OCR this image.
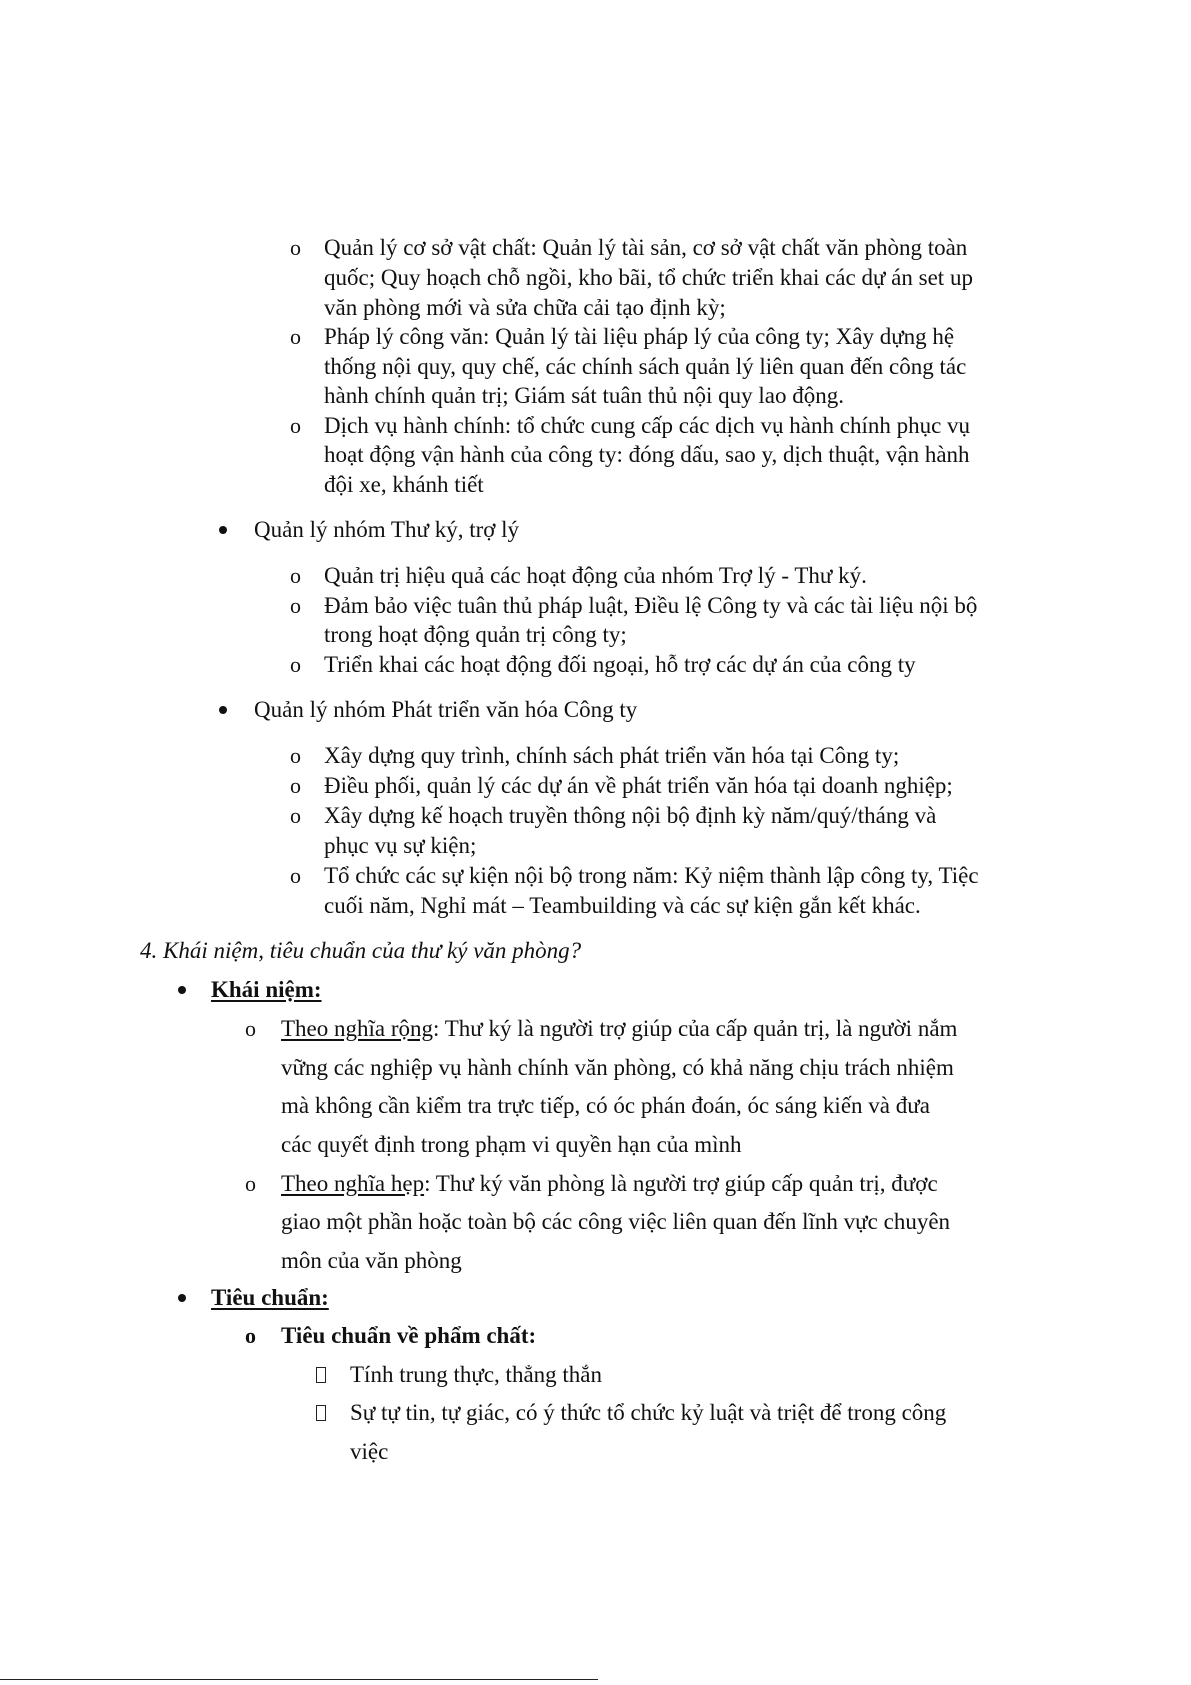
o Quản lý cơ sở vật chất: Quản lý tài sản, cơ sở vật chất văn phòng toàn
quốc; Quy hoạch chỗ ngồi, kho bãi, tổ chức triển khai các dự án set up
văn phòng mới và sửa chữa cải tạo định kỳ;
o Pháp lý công văn: Quản lý tài liệu pháp lý của công ty; Xây dựng hệ
thống nội quy, quy chế, các chính sách quản lý liên quan đến công tác
hành chính quản trị; Giám sát tuân thủ nội quy lao động.
o Dịch vụ hành chính: tổ chức cung cấp các dịch vụ hành chính phục vụ
hoạt động vận hành của công ty: đóng dấu, sao y, dịch thuật, vận hành
đội xe, khánh tiết
Quản lý nhóm Thư ký, trợ lý
o Quản trị hiệu quả các hoạt động của nhóm Trợ lý - Thư ký.
o Đảm bảo việc tuân thủ pháp luật, Điều lệ Công ty và các tài liệu nội bộ
trong hoạt động quản trị công ty;
o Triển khai các hoạt động đối ngoại, hỗ trợ các dự án của công ty
Quản lý nhóm Phát triển văn hóa Công ty
o Xây dựng quy trình, chính sách phát triển văn hóa tại Công ty;
o Điều phối, quản lý các dự án về phát triển văn hóa tại doanh nghiệp;
o Xây dựng kế hoạch truyền thông nội bộ định kỳ năm/quý/tháng và
phục vụ sự kiện;
o Tổ chức các sự kiện nội bộ trong năm: Kỷ niệm thành lập công ty, Tiệc
cuối năm, Nghỉ mát – Teambuilding và các sự kiện gắn kết khác.
4. Khái niệm, tiêu chuẩn của thư ký văn phòng?
Khái niệm:
o Theo nghĩa rộng: Thư ký là người trợ giúp của cấp quản trị, là người nắm
vững các nghiệp vụ hành chính văn phòng, có khả năng chịu trách nhiệm
mà không cần kiểm tra trực tiếp, có óc phán đoán, óc sáng kiến và đưa
các quyết định trong phạm vi quyền hạn của mình
o Theo nghĩa hẹp: Thư ký văn phòng là người trợ giúp cấp quản trị, được
giao một phần hoặc toàn bộ các công việc liên quan đến lĩnh vực chuyên
môn của văn phòng
Tiêu chuẩn:
o Tiêu chuẩn về phẩm chất:
Tính trung thực, thẳng thắn
Sự tự tin, tự giác, có ý thức tổ chức kỷ luật và triệt để trong công
việc
